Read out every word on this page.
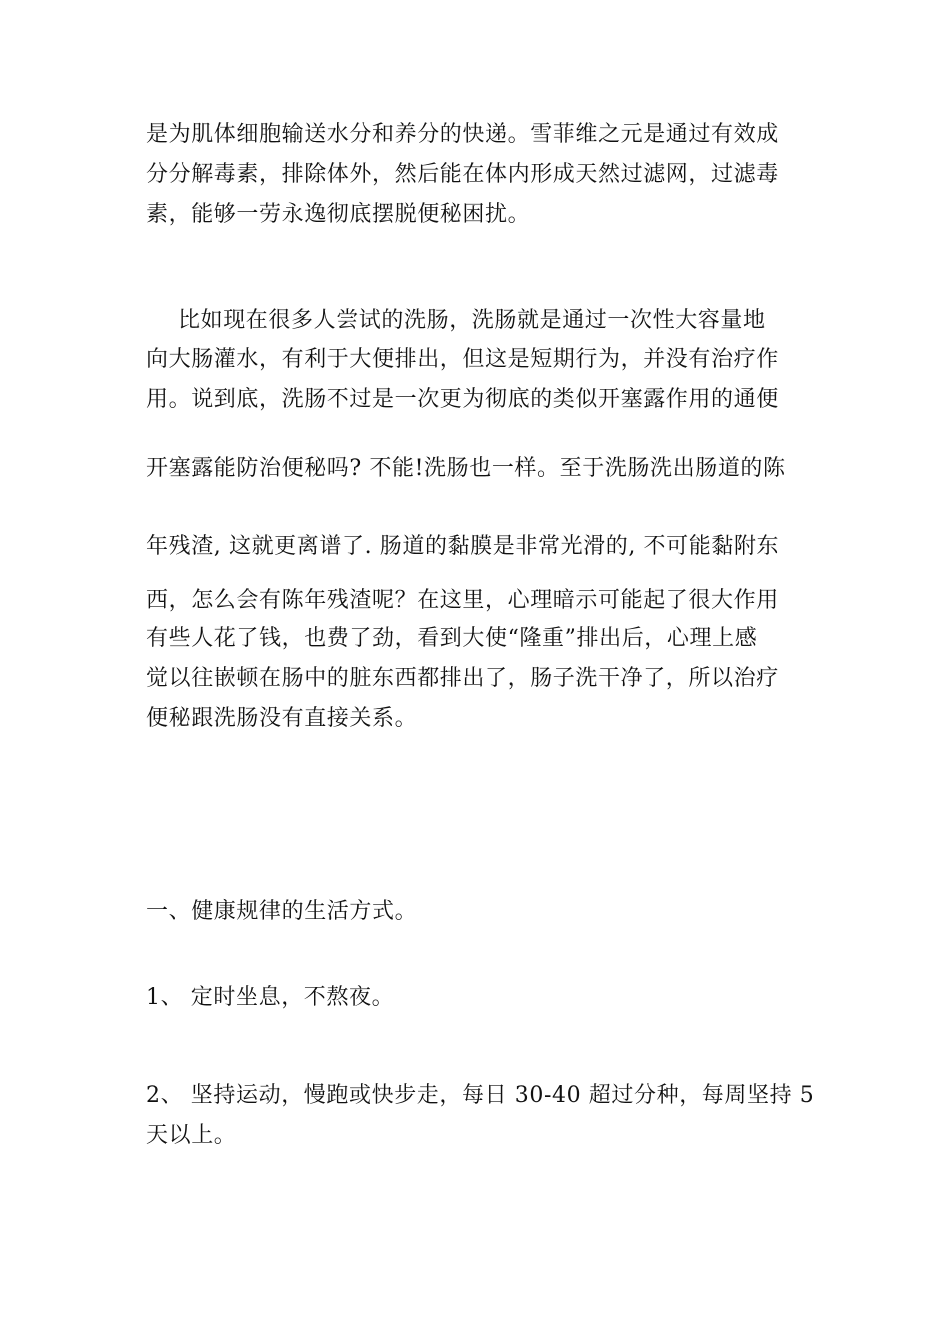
是为肌体细胞输送水分和养分的快递。雪菲维之元是通过有效成
分分解毒素，排除体外，然后能在体内形成天然过滤网，过滤毒
素，能够一劳永逸彻底摆脱便秘困扰。
比如现在很多人尝试的洗肠，洗肠就是通过一次性大容量地
向大肠灌水，有利于大便排出，但这是短期行为，并没有治疗作
用。说到底，洗肠不过是一次更为彻底的类似开塞露作用的通便
开塞露能防治便秘吗? 不能!洗肠也一样。至于洗肠洗出肠道的陈
年残渣, 这就更离谱了. 肠道的黏膜是非常光滑的, 不可能黏附东
西，怎么会有陈年残渣呢？在这里，心理暗示可能起了很大作用
有些人花了钱，也费了劲，看到大使“隆重”排出后，心理上感
觉以往嵌顿在肠中的脏东西都排出了，肠子洗干净了，所以治疗
便秘跟洗肠没有直接关系。
一、健康规律的生活方式。
1、 定时坐息，不熬夜。
2、 坚持运动，慢跑或快步走，每日 30-40 超过分种，每周坚持 5
天以上。
